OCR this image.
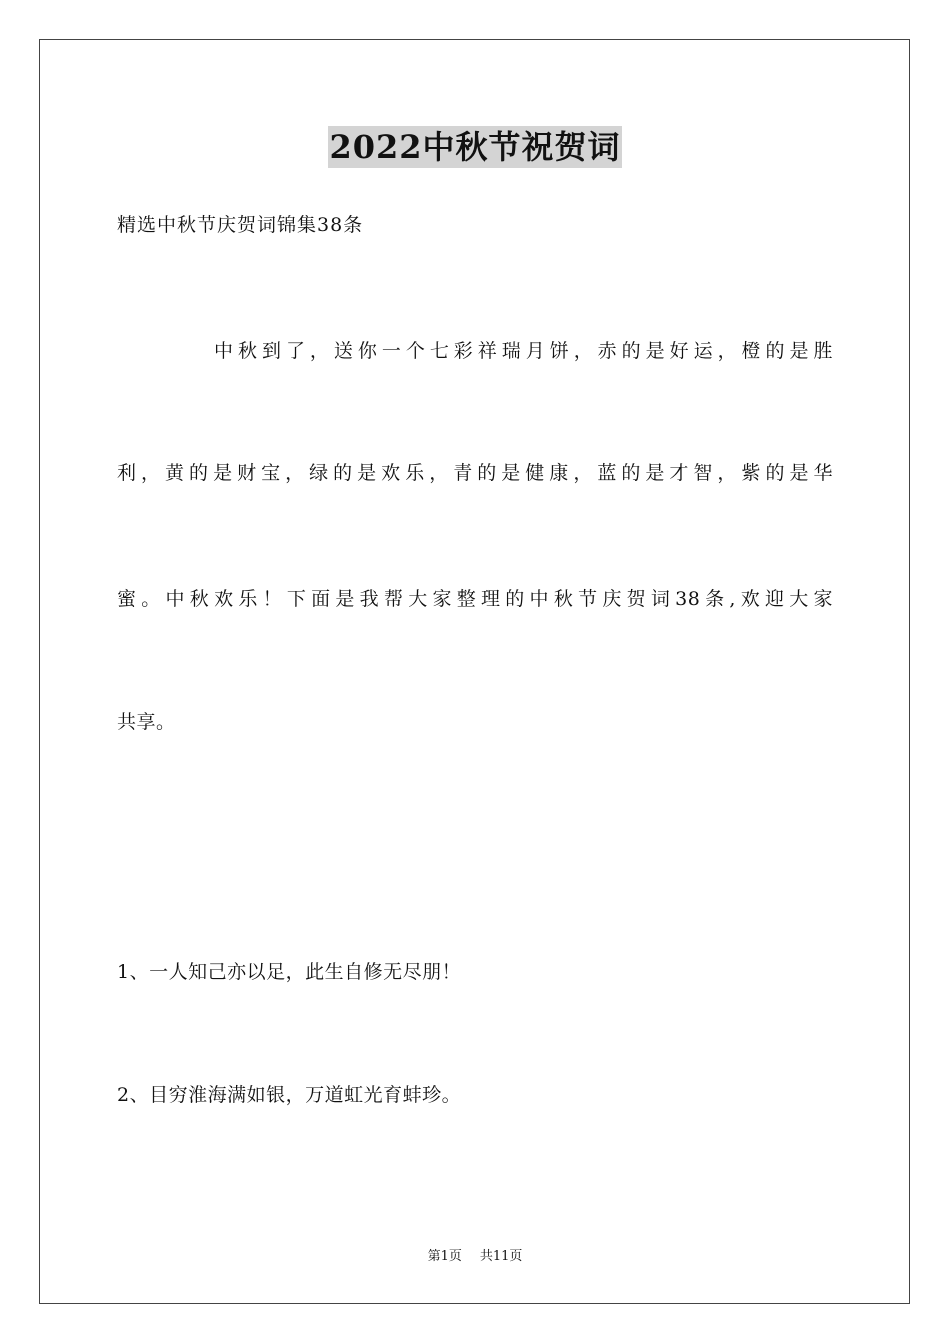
2022中秋节祝贺词
精选中秋节庆贺词锦集38条
中秋到了，送你一个七彩祥瑞月饼，赤的是好运，橙的是胜
利，黄的是财宝，绿的是欢乐，青的是健康，蓝的是才智，紫的是华
蜜。中秋欢乐！下面是我帮大家整理的中秋节庆贺词38条,欢迎大家
共享。
1、一人知己亦以足，此生自修无尽朋！
2、目穷淮海满如银，万道虹光育蚌珍。
第1页 共11页
